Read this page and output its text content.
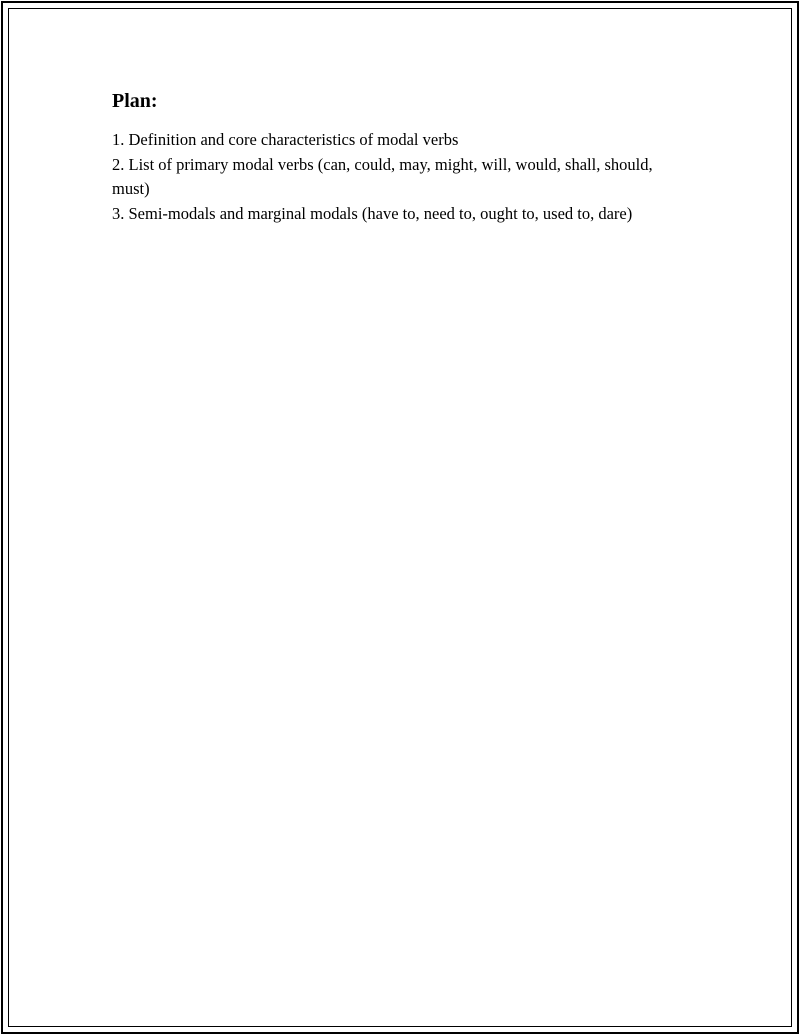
Plan:
1. Definition and core characteristics of modal verbs
2. List of primary modal verbs (can, could, may, might, will, would, shall, should, must)
3. Semi-modals and marginal modals (have to, need to, ought to, used to, dare)
